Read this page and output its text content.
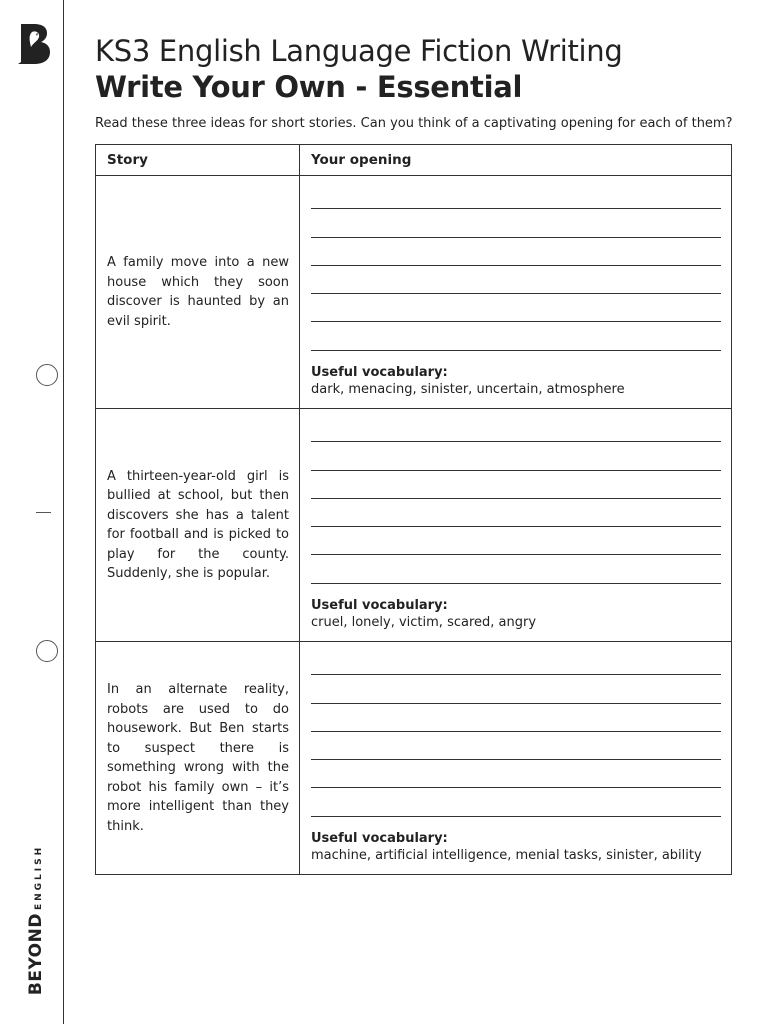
BEYONDENGLISH
KS3 English Language Fiction Writing
Write Your Own - Essential

Read these three ideas for short stories. Can you think of a captivating opening for each of them?

Story	Your opening

A family move into a new house which they soon discover is haunted by an evil spirit.	Useful vocabulary:
dark, menacing, sinister, uncertain, atmosphere

A thirteen-year-old girl is bullied at school, but then discovers she has a talent for football and is picked to play for the county. Suddenly, she is popular.	Useful vocabulary:
cruel, lonely, victim, scared, angry

In an alternate reality, robots are used to do housework. But Ben starts to suspect there is something wrong with the robot his family own – it’s more intelligent than they think.	Useful vocabulary:
machine, artificial intelligence, menial tasks, sinister, ability
